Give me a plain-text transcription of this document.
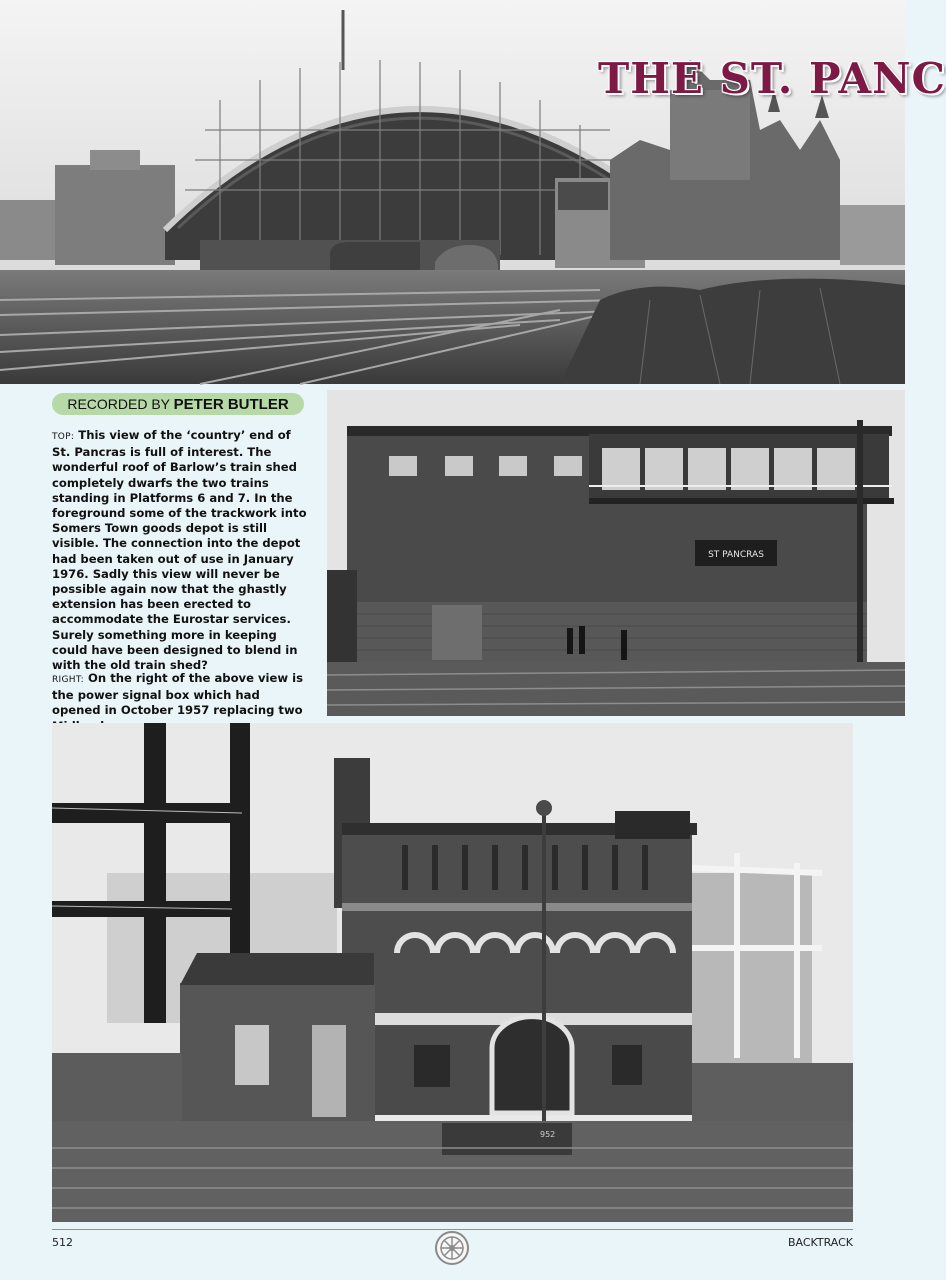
THE ST. PANC
RECORDED BY PETER BUTLER
TOP: This view of the ‘country’ end of St. Pancras is full of interest. The wonderful roof of Barlow’s train shed completely dwarfs the two trains standing in Platforms 6 and 7. In the foreground some of the trackwork into Somers Town goods depot is still visible. The connection into the depot had been taken out of use in January 1976. Sadly this view will never be possible again now that the ghastly extension has been erected to accommodate the Eurostar services. Surely something more in keeping could have been designed to blend in with the old train shed?
RIGHT: On the right of the above view is the power signal box which had opened in October 1957 replacing two
ST PANCRAS
952
512	BACKTRACK
